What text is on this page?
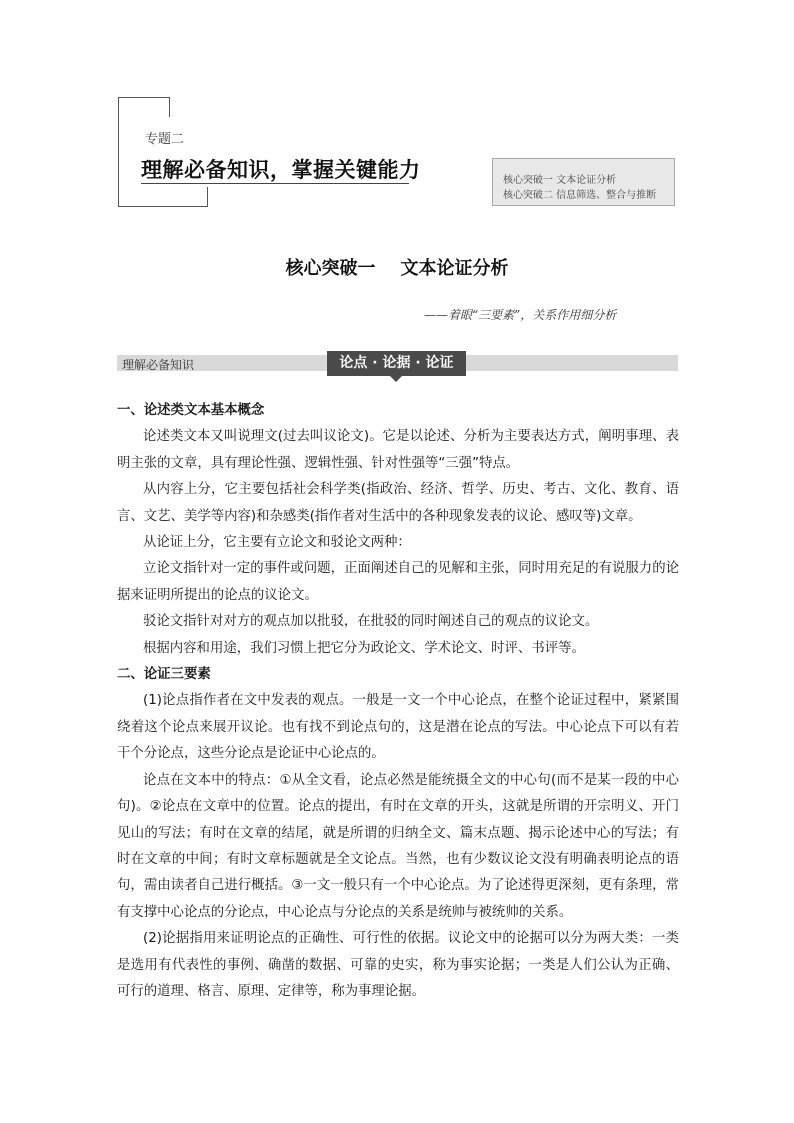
专题二
理解必备知识，掌握关键能力	核心突破一 文本论证分析
核心突破二 信息筛选、整合与推断
核心突破一    文本论证分析
——着眼“三要素”，关系作用细分析
理解必备知识	论点 · 论据 · 论证

一、论述类文本基本概念

论述类文本又叫说理文(过去叫议论文)。它是以论述、分析为主要表达方式，阐明事理、表明主张的文章，具有理论性强、逻辑性强、针对性强等“三强”特点。

从内容上分，它主要包括社会科学类(指政治、经济、哲学、历史、考古、文化、教育、语言、文艺、美学等内容)和杂感类(指作者对生活中的各种现象发表的议论、感叹等)文章。

从论证上分，它主要有立论文和驳论文两种：

立论文指针对一定的事件或问题，正面阐述自己的见解和主张，同时用充足的有说服力的论据来证明所提出的论点的议论文。

驳论文指针对对方的观点加以批驳，在批驳的同时阐述自己的观点的议论文。

根据内容和用途，我们习惯上把它分为政论文、学术论文、时评、书评等。

二、论证三要素

(1)论点指作者在文中发表的观点。一般是一文一个中心论点，在整个论证过程中，紧紧围绕着这个论点来展开议论。也有找不到论点句的，这是潜在论点的写法。中心论点下可以有若干个分论点，这些分论点是论证中心论点的。

论点在文本中的特点：①从全文看，论点必然是能统摄全文的中心句(而不是某一段的中心句)。②论点在文章中的位置。论点的提出，有时在文章的开头，这就是所谓的开宗明义、开门见山的写法；有时在文章的结尾，就是所谓的归纳全文、篇末点题、揭示论述中心的写法；有时在文章的中间；有时文章标题就是全文论点。当然，也有少数议论文没有明确表明论点的语句，需由读者自己进行概括。③一文一般只有一个中心论点。为了论述得更深刻，更有条理，常有支撑中心论点的分论点，中心论点与分论点的关系是统帅与被统帅的关系。

(2)论据指用来证明论点的正确性、可行性的依据。议论文中的论据可以分为两大类：一类是选用有代表性的事例、确凿的数据、可靠的史实，称为事实论据；一类是人们公认为正确、可行的道理、格言、原理、定律等，称为事理论据。
